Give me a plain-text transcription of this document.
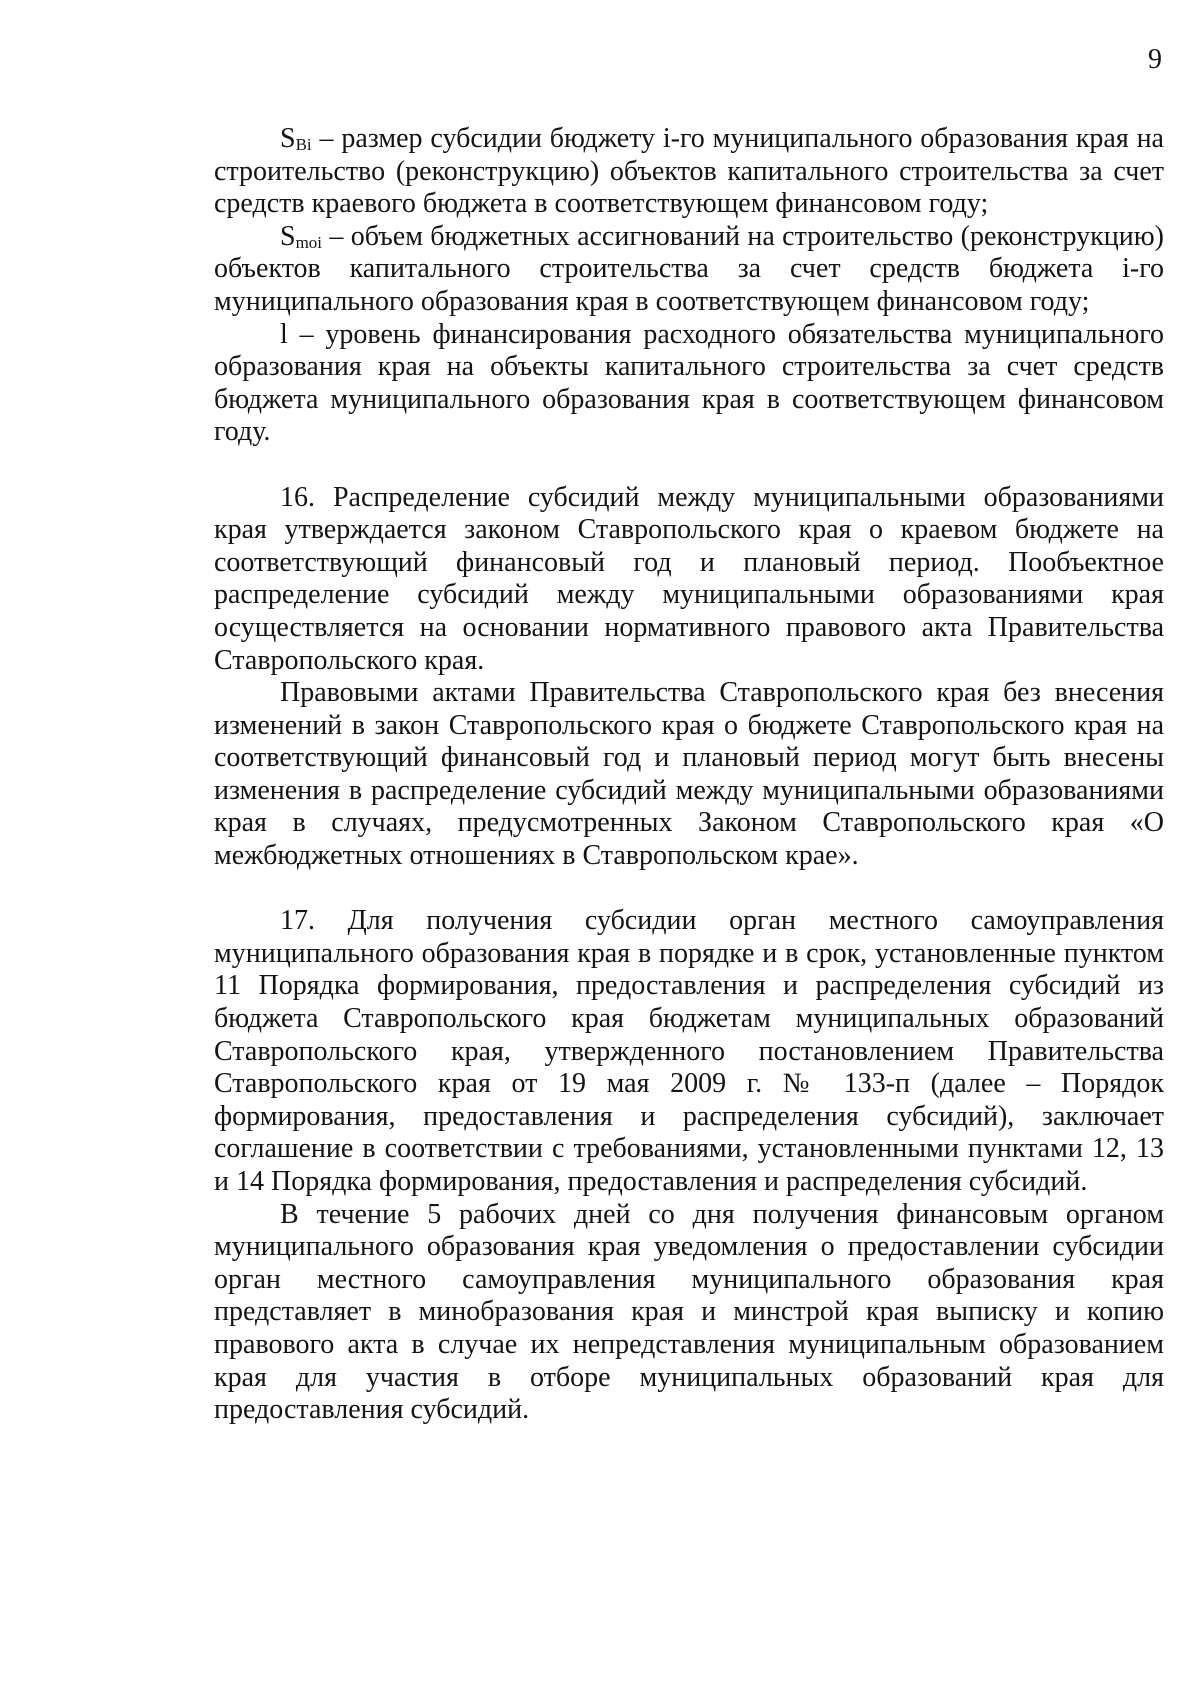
9

$S_{Bi}$ – размер субсидии бюджету i-го муниципального образования края на строительство (реконструкцию) объектов капитального строительства за счет средств краевого бюджета в соответствующем финансовом году;

$S_{moi}$ – объем бюджетных ассигнований на строительство (реконструкцию) объектов капитального строительства за счет средств бюджета i-го муниципального образования края в соответствующем финансовом году;

l – уровень финансирования расходного обязательства муниципального образования края на объекты капитального строительства за счет средств бюджета муниципального образования края в соответствующем финансовом году.

16. Распределение субсидий между муниципальными образованиями края утверждается законом Ставропольского края о краевом бюджете на соответствующий финансовый год и плановый период. Пообъектное распределение субсидий между муниципальными образованиями края осуществляется на основании нормативного правового акта Правительства Ставропольского края.

Правовыми актами Правительства Ставропольского края без внесения изменений в закон Ставропольского края о бюджете Ставропольского края на соответствующий финансовый год и плановый период могут быть внесены изменения в распределение субсидий между муниципальными образованиями края в случаях, предусмотренных Законом Ставропольского края «О межбюджетных отношениях в Ставропольском крае».

17. Для получения субсидии орган местного самоуправления муниципального образования края в порядке и в срок, установленные пунктом 11 Порядка формирования, предоставления и распределения субсидий из бюджета Ставропольского края бюджетам муниципальных образований Ставропольского края, утвержденного постановлением Правительства Ставропольского края от 19 мая 2009 г. № 133-п (далее – Порядок формирования, предоставления и распределения субсидий), заключает соглашение в соответствии с требованиями, установленными пунктами 12, 13 и 14 Порядка формирования, предоставления и распределения субсидий.

В течение 5 рабочих дней со дня получения финансовым органом муниципального образования края уведомления о предоставлении субсидии орган местного самоуправления муниципального образования края представляет в минобразования края и минстрой края выписку и копию правового акта в случае их непредставления муниципальным образованием края для участия в отборе муниципальных образований края для предоставления субсидий.
